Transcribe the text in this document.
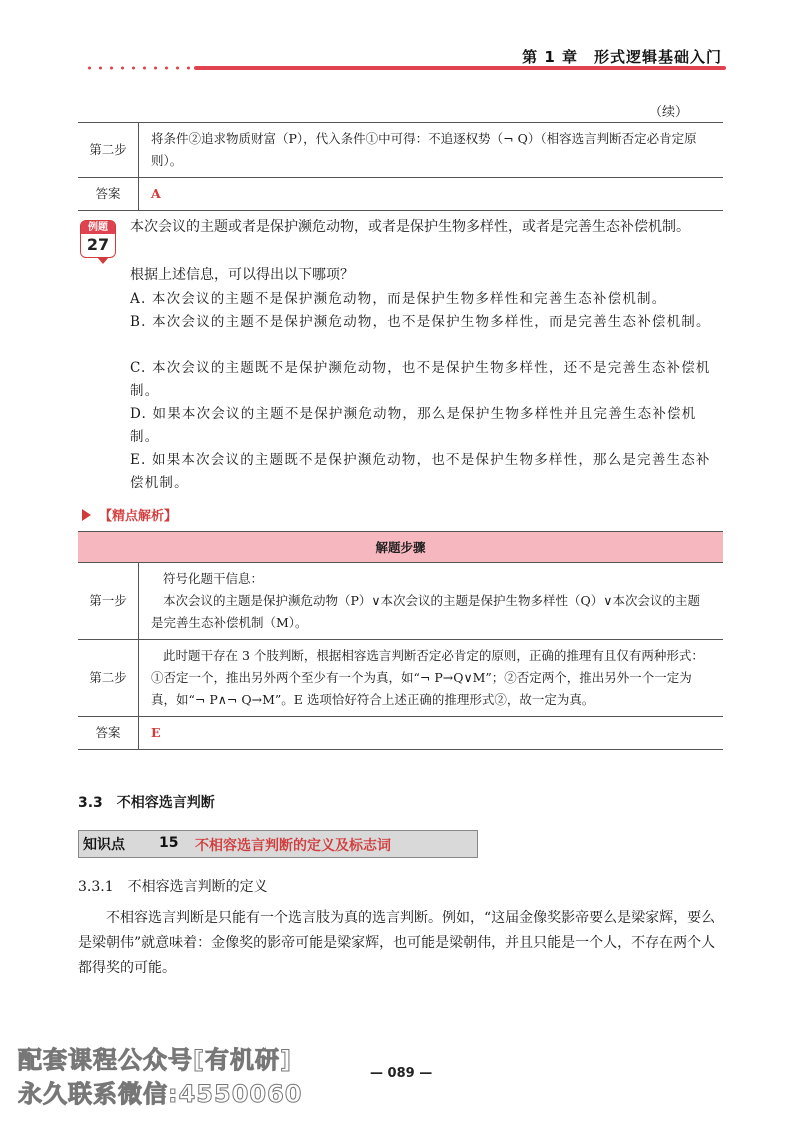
第 1 章　形式逻辑基础入门
（续）
第二步	将条件②追求物质财富（P），代入条件①中可得：不追逐权势（¬ Q）（相容选言判断否定必肯定原则）。
答案	A
例题
27
本次会议的主题或者是保护濒危动物，或者是保护生物多样性，或者是完善生态补偿机制。
根据上述信息，可以得出以下哪项？
A. 本次会议的主题不是保护濒危动物，而是保护生物多样性和完善生态补偿机制。
B. 本次会议的主题不是保护濒危动物，也不是保护生物多样性，而是完善生态补偿机制。
C. 本次会议的主题既不是保护濒危动物，也不是保护生物多样性，还不是完善生态补偿机制。
D. 如果本次会议的主题不是保护濒危动物，那么是保护生物多样性并且完善生态补偿机制。
E. 如果本次会议的主题既不是保护濒危动物，也不是保护生物多样性，那么是完善生态补偿机制。
【精点解析】
解题步骤	
第一步	符号化题干信息：
本次会议的主题是保护濒危动物（P）∨本次会议的主题是保护生物多样性（Q）∨本次会议的主题是完善生态补偿机制（M）。

第二步	此时题干存在 3 个肢判断，根据相容选言判断否定必肯定的原则，正确的推理有且仅有两种形式：①否定一个，推出另外两个至少有一个为真，如“¬ P→Q∨M”；②否定两个，推出另外一个一定为真，如“¬ P∧¬ Q→M”。E 选项恰好符合上述正确的推理形式②，故一定为真。
答案	E
3.3　不相容选言判断
知识点 15 不相容选言判断的定义及标志词
3.3.1　不相容选言判断的定义
不相容选言判断是只能有一个选言肢为真的选言判断。例如，“这届金像奖影帝要么是梁家辉，要么是梁朝伟”就意味着：金像奖的影帝可能是梁家辉，也可能是梁朝伟，并且只能是一个人，不存在两个人都得奖的可能。
配套课程公众号[有机研]
永久联系微信:4550060
— 089 —
